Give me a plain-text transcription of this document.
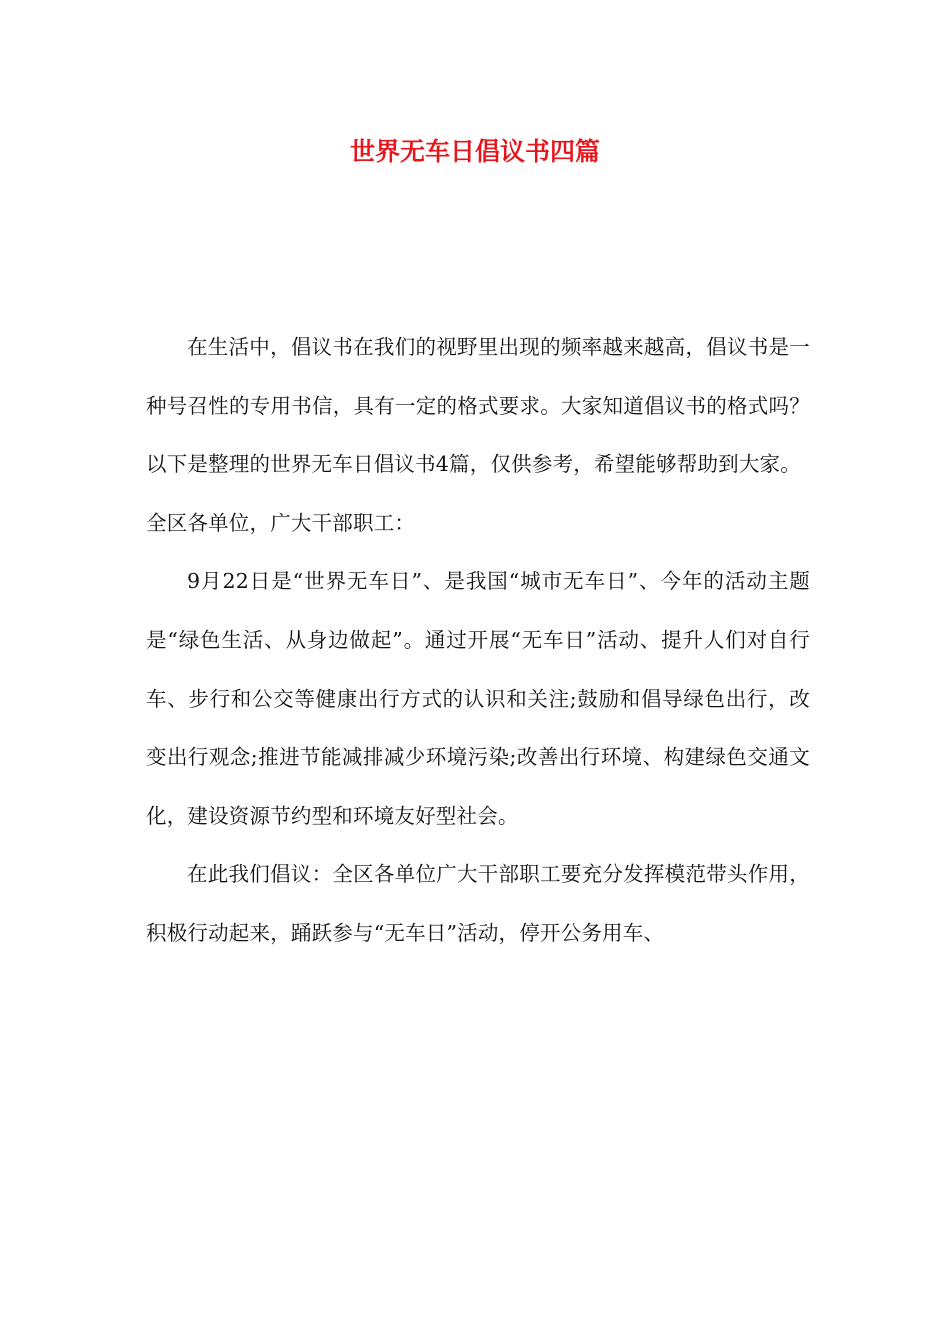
世界无车日倡议书四篇

在生活中，倡议书在我们的视野里出现的频率越来越高，倡议书是一种号召性的专用书信，具有一定的格式要求。大家知道倡议书的格式吗？以下是整理的世界无车日倡议书4篇，仅供参考，希望能够帮助到大家。

全区各单位，广大干部职工：

9月22日是“世界无车日”、是我国“城市无车日”、今年的活动主题是“绿色生活、从身边做起”。通过开展“无车日”活动、提升人们对自行车、步行和公交等健康出行方式的认识和关注;鼓励和倡导绿色出行，改变出行观念;推进节能减排减少环境污染;改善出行环境、构建绿色交通文化，建设资源节约型和环境友好型社会。

在此我们倡议：全区各单位广大干部职工要充分发挥模范带头作用，积极行动起来，踊跃参与“无车日”活动，停开公务用车、
